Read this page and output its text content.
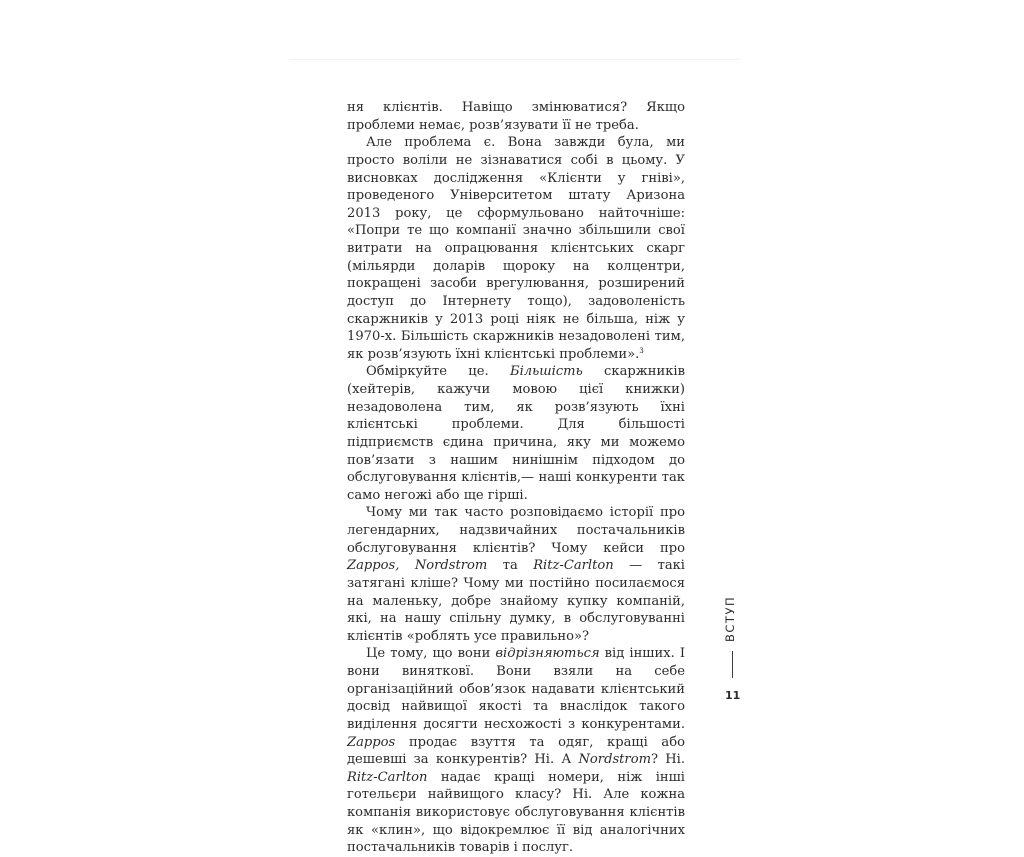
ня клієнтів. Навіщо змінюватися? Якщо проблеми немає, розв’язувати її не треба.

Але проблема є. Вона завжди була, ми просто воліли не зізнаватися собі в цьому. У висновках дослідження «Клієнти у гніві», проведеного Університетом штату Аризона 2013 року, це сформульовано найточніше: «Попри те що компанії значно збільшили свої витрати на опрацювання клієнтських скарг (мільярди доларів щороку на колцентри, покращені засоби врегулювання, розширений доступ до Інтернету тощо), задоволеність скаржників у 2013 році ніяк не більша, ніж у 1970-х. Більшість скаржників незадоволені тим, як розв’язують їхні клієнтські проблеми».$^3$

Обміркуйте це. Більшість скаржників (хейтерів, кажучи мовою цієї книжки) незадоволена тим, як розв’язують їхні клієнтські проблеми. Для більшості підприємств єдина причина, яку ми можемо пов’язати з нашим нинішнім підходом до обслуговування клієнтів,— наші конкуренти так само негожі або ще гірші.

Чому ми так часто розповідаємо історії про легендарних, надзвичайних постачальників обслуговування клієнтів? Чому кейси про Zappos, Nordstrom та Ritz-Carlton — такі затягані кліше? Чому ми постійно посилаємося на маленьку, добре знайому купку компаній, які, на нашу спільну думку, в обслуговуванні клієнтів «роблять усе правильно»?

Це тому, що вони відрізняються від інших. І вони винятковї. Вони взяли на себе організаційний обов’язок надавати клієнтський досвід найвищої якості та внаслідок такого виділення досягти несхожості з конкурентами. Zappos продає взуття та одяг, кращі або дешевші за конкурентів? Ні. А Nordstrom? Ні. Ritz-Carlton надає кращі номери, ніж інші готельєри найвищого класу? Ні. Але кожна компанія використовує обслуговування клієнтів як «клин», що відокремлює її від аналогічних постачальників товарів і послуг.

ВСТУП
11
